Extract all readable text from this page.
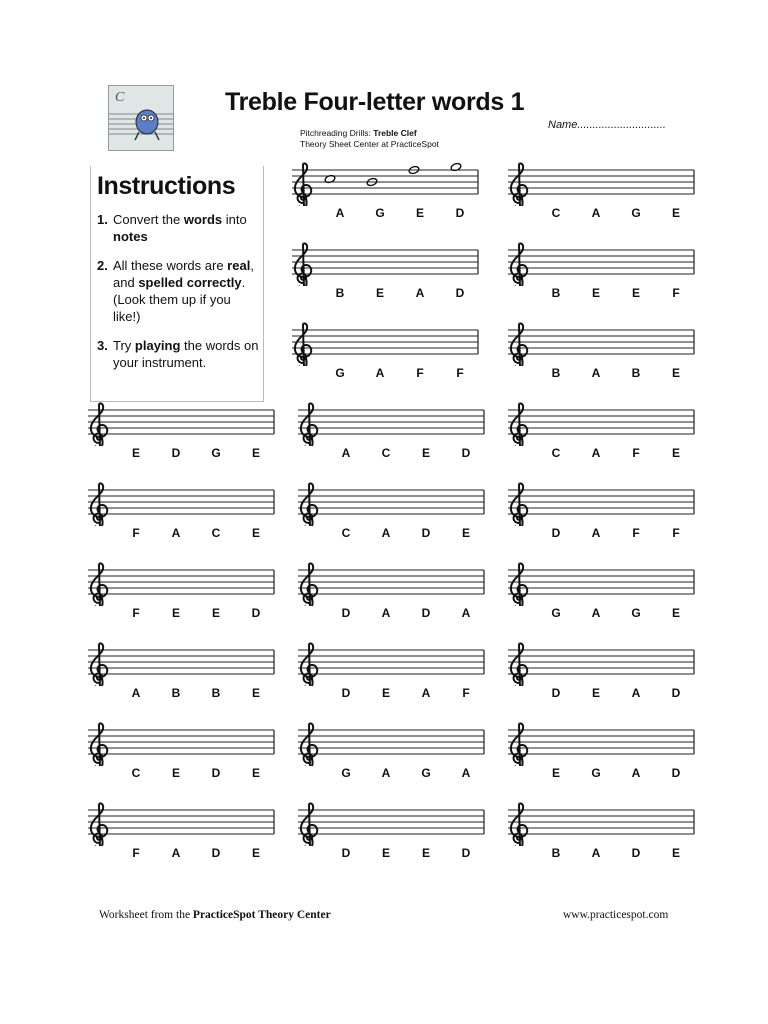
C	Treble Four-letter words 1
Name.............................
Pitchreading Drills: Treble Clef
Theory Sheet Center at PracticeSpot
Instructions
1. Convert the words into notes
2. All these words are real, and spelled correctly. (Look them up if you like!)
3. Try playing the words on your instrument.
A	G	E	D	C	A	G	E
B	E	A	D	B	E	E	F
G	A	F	F	B	A	B	E
E	D	G	E	A	C	E	D	C	A	F	E
F	A	C	E	C	A	D	E	D	A	F	F
F	E	E	D	D	A	D	A	G	A	G	E
A	B	B	E	D	E	A	F	D	E	A	D
C	E	D	E	G	A	G	A	E	G	A	D
F	A	D	E	D	E	E	D	B	A	D	E
Worksheet from the PracticeSpot Theory Center	www.practicespot.com
